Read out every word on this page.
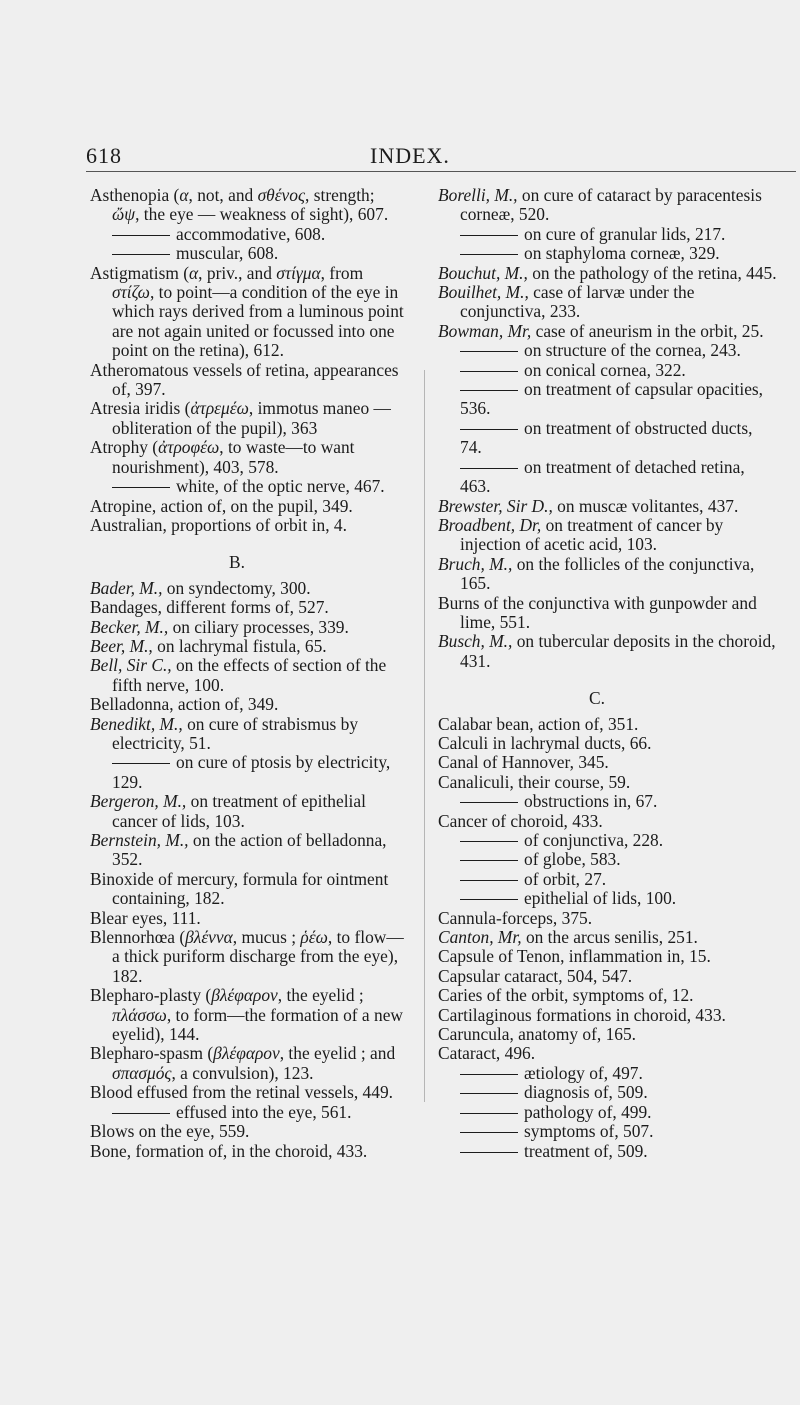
618	INDEX.

Asthenopia (α, not, and σθένος, strength; ὤψ, the eye — weakness of sight), 607.

accommodative, 608.

muscular, 608.

Astigmatism (α, priv., and στίγμα, from στίζω, to point—a condition of the eye in which rays derived from a luminous point are not again united or focussed into one point on the retina), 612.

Atheromatous vessels of retina, appearances of, 397.

Atresia iridis (ἀτρεμέω, immotus maneo —obliteration of the pupil), 363

Atrophy (ἀτροφέω, to waste—to want nourishment), 403, 578.

white, of the optic nerve, 467.

Atropine, action of, on the pupil, 349.

Australian, proportions of orbit in, 4.

B.

Bader, M., on syndectomy, 300.

Bandages, different forms of, 527.

Becker, M., on ciliary processes, 339.

Beer, M., on lachrymal fistula, 65.

Bell, Sir C., on the effects of section of the fifth nerve, 100.

Belladonna, action of, 349.

Benedikt, M., on cure of strabismus by electricity, 51.

on cure of ptosis by electricity, 129.

Bergeron, M., on treatment of epithelial cancer of lids, 103.

Bernstein, M., on the action of belladonna, 352.

Binoxide of mercury, formula for ointment containing, 182.

Blear eyes, 111.

Blennorhœa (βλέννα, mucus ; ῥέω, to flow—a thick puriform discharge from the eye), 182.

Blepharo-plasty (βλέφαρον, the eyelid ; πλάσσω, to form—the formation of a new eyelid), 144.

Blepharo-spasm (βλέφαρον, the eyelid ; and σπασμός, a convulsion), 123.

Blood effused from the retinal vessels, 449.

effused into the eye, 561.

Blows on the eye, 559.

Bone, formation of, in the choroid, 433.

Borelli, M., on cure of cataract by paracentesis corneæ, 520.

on cure of granular lids, 217.

on staphyloma corneæ, 329.

Bouchut, M., on the pathology of the retina, 445.

Bouilhet, M., case of larvæ under the conjunctiva, 233.

Bowman, Mr, case of aneurism in the orbit, 25.

on structure of the cornea, 243.

on conical cornea, 322.

on treatment of capsular opacities, 536.

on treatment of obstructed ducts, 74.

on treatment of detached retina, 463.

Brewster, Sir D., on muscæ volitantes, 437.

Broadbent, Dr, on treatment of cancer by injection of acetic acid, 103.

Bruch, M., on the follicles of the conjunctiva, 165.

Burns of the conjunctiva with gunpowder and lime, 551.

Busch, M., on tubercular deposits in the choroid, 431.

C.

Calabar bean, action of, 351.

Calculi in lachrymal ducts, 66.

Canal of Hannover, 345.

Canaliculi, their course, 59.

obstructions in, 67.

Cancer of choroid, 433.

of conjunctiva, 228.

of globe, 583.

of orbit, 27.

epithelial of lids, 100.

Cannula-forceps, 375.

Canton, Mr, on the arcus senilis, 251.

Capsule of Tenon, inflammation in, 15.

Capsular cataract, 504, 547.

Caries of the orbit, symptoms of, 12.

Cartilaginous formations in choroid, 433.

Caruncula, anatomy of, 165.

Cataract, 496.

ætiology of, 497.

diagnosis of, 509.

pathology of, 499.

symptoms of, 507.

treatment of, 509.
